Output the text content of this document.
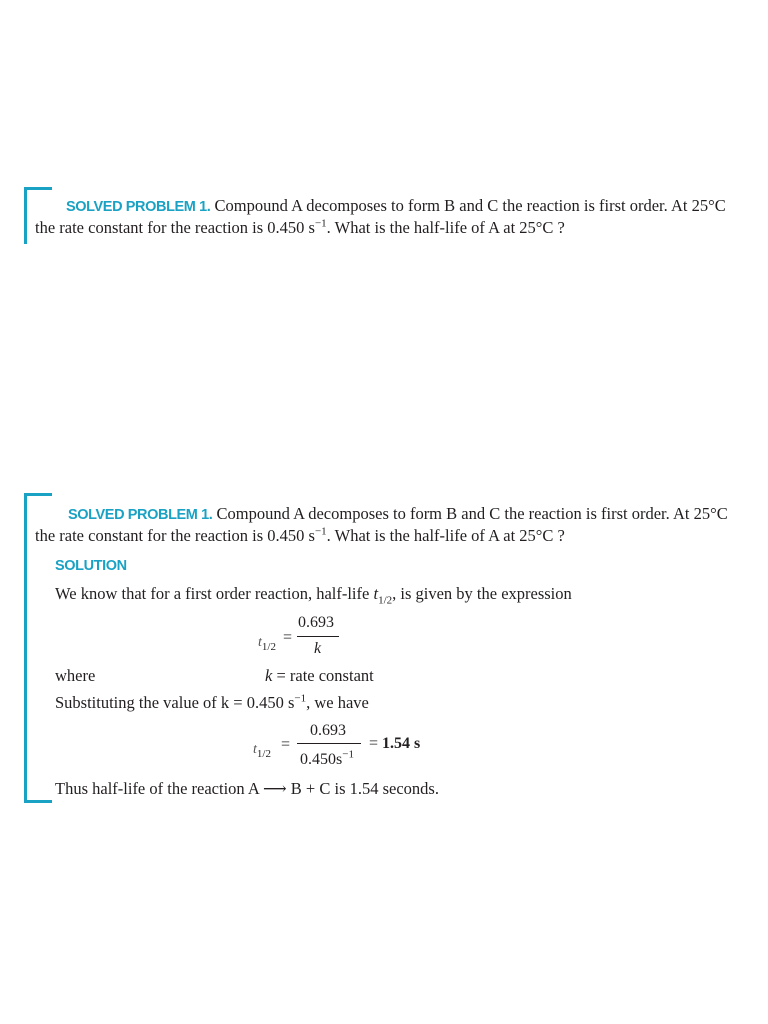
SOLVED PROBLEM 1. Compound A decomposes to form B and C the reaction is first order. At 25°C
the rate constant for the reaction is 0.450 $s^{-1}$. What is the half-life of A at 25°C ?
SOLVED PROBLEM 1. Compound A decomposes to form B and C the reaction is first order. At 25°C
the rate constant for the reaction is 0.450 $s^{-1}$. What is the half-life of A at 25°C ?
SOLUTION
We know that for a first order reaction, half-life $t_{1/2}$, is given by the expression
$t_{1/2}$
=
0.693
k
where	k = rate constant
Substituting the value of k = 0.450 $s^{-1}$, we have
$t_{1/2}$
=
0.693
$0.450s^{-1}$
= 1.54 s
Thus half-life of the reaction A ⟶ B + C is 1.54 seconds.
